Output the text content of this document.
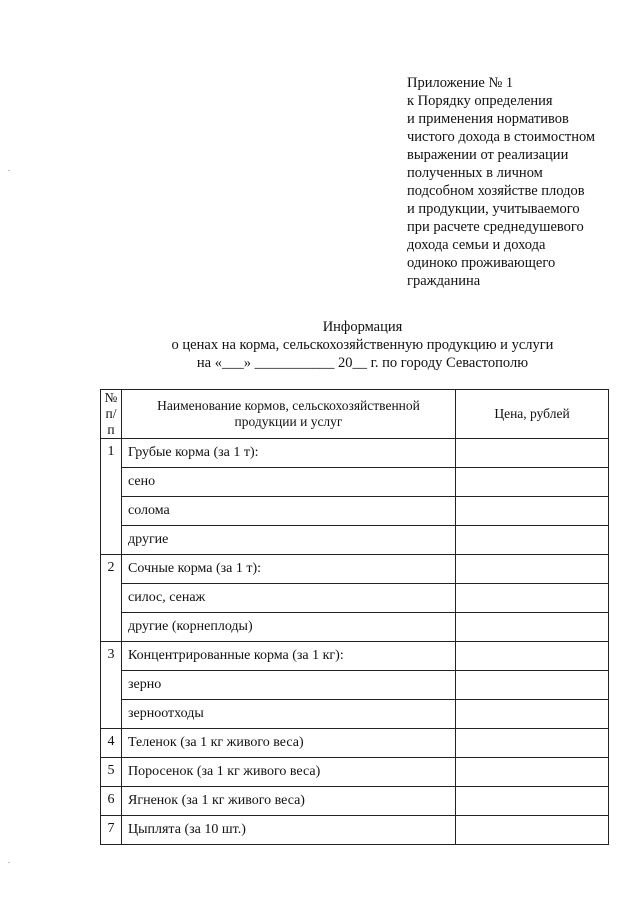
Приложение № 1
к Порядку определения
и применения нормативов
чистого дохода в стоимостном
выражении от реализации
полученных в личном
подсобном хозяйстве плодов
и продукции, учитываемого
при расчете среднедушевого
дохода семьи и дохода
одиноко проживающего
гражданина
Информация
о ценах на корма, сельскохозяйственную продукцию и услуги
на «___» ___________ 20__ г. по городу Севастополю
№ п/п	Наименование кормов, сельскохозяйственной продукции и услуг	Цена, рублей
1	Грубые корма (за 1 т):	
	сено	
	солома	
	другие	
2	Сочные корма (за 1 т):	
	силос, сенаж	
	другие (корнеплоды)	
3	Концентрированные корма (за 1 кг):	
	зерно	
	зерноотходы	
4	Теленок (за 1 кг живого веса)	
5	Поросенок (за 1 кг живого веса)	
6	Ягненок (за 1 кг живого веса)	
7	Цыплята (за 10 шт.)	
